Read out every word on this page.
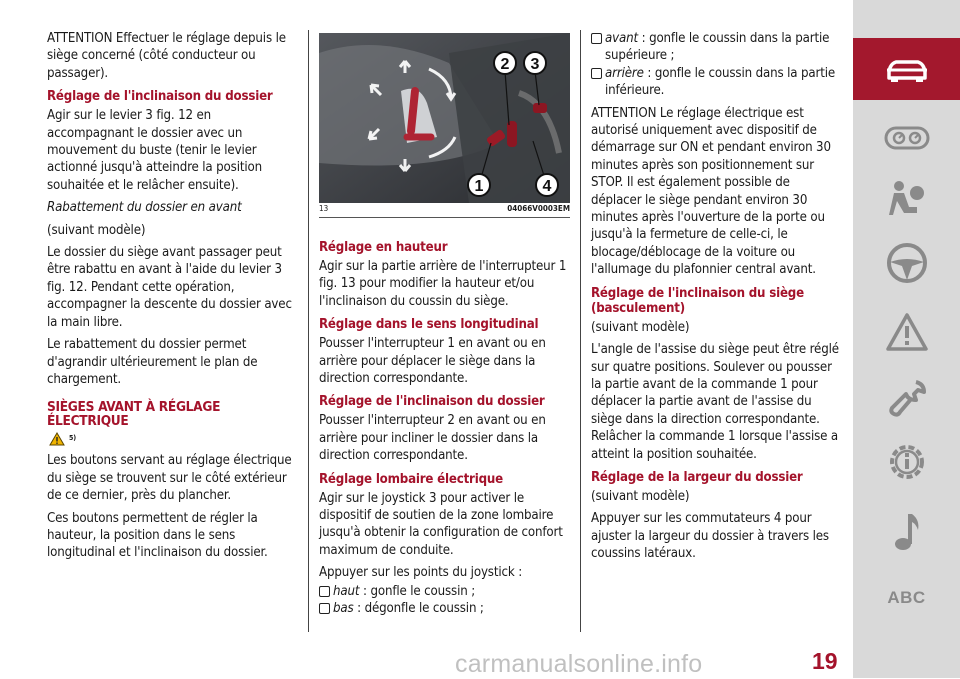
ATTENTION Effectuer le réglage depuis le siège concerné (côté conducteur ou passager).

Réglage de l'inclinaison du dossier

Agir sur le levier 3 fig. 12 en accompagnant le dossier avec un mouvement du buste (tenir le levier actionné jusqu'à atteindre la position souhaitée et le relâcher ensuite).

Rabattement du dossier en avant

(suivant modèle)

Le dossier du siège avant passager peut être rabattu en avant à l'aide du levier 3 fig. 12. Pendant cette opération, accompagner la descente du dossier avec la main libre.

Le rabattement du dossier permet d'agrandir ultérieurement le plan de chargement.

SIÈGES AVANT À RÉGLAGE ÉLECTRIQUE
5)

Les boutons servant au réglage électrique du siège se trouvent sur le côté extérieur de ce dernier, près du plancher.

Ces boutons permettent de régler la hauteur, la position dans le sens longitudinal et l'inclinaison du dossier.

1
2 3
4
13	04066V0003EM
Réglage en hauteur

Agir sur la partie arrière de l'interrupteur 1 fig. 13 pour modifier la hauteur et/ou l'inclinaison du coussin du siège.

Réglage dans le sens longitudinal

Pousser l'interrupteur 1 en avant ou en arrière pour déplacer le siège dans la direction correspondante.

Réglage de l'inclinaison du dossier

Pousser l'interrupteur 2 en avant ou en arrière pour incliner le dossier dans la direction correspondante.

Réglage lombaire électrique

Agir sur le joystick 3 pour activer le dispositif de soutien de la zone lombaire jusqu'à obtenir la configuration de confort maximum de conduite.

Appuyer sur les points du joystick :

haut : gonfle le coussin ;
bas : dégonfle le coussin ;
avant : gonfle le coussin dans la partie supérieure ;
arrière : gonfle le coussin dans la partie inférieure.

ATTENTION Le réglage électrique est autorisé uniquement avec dispositif de démarrage sur ON et pendant environ 30 minutes après son positionnement sur STOP. Il est également possible de déplacer le siège pendant environ 30 minutes après l'ouverture de la porte ou jusqu'à la fermeture de celle-ci, le blocage/déblocage de la voiture ou l'allumage du plafonnier central avant.

Réglage de l'inclinaison du siège (basculement)

(suivant modèle)

L'angle de l'assise du siège peut être réglé sur quatre positions. Soulever ou pousser la partie avant de la commande 1 pour déplacer la partie avant de l'assise du siège dans la direction correspondante. Relâcher la commande 1 lorsque l'assise a atteint la position souhaitée.

Réglage de la largeur du dossier

(suivant modèle)

Appuyer sur les commutateurs 4 pour ajuster la largeur du dossier à travers les coussins latéraux.

ABC
carmanualsonline.info	19
